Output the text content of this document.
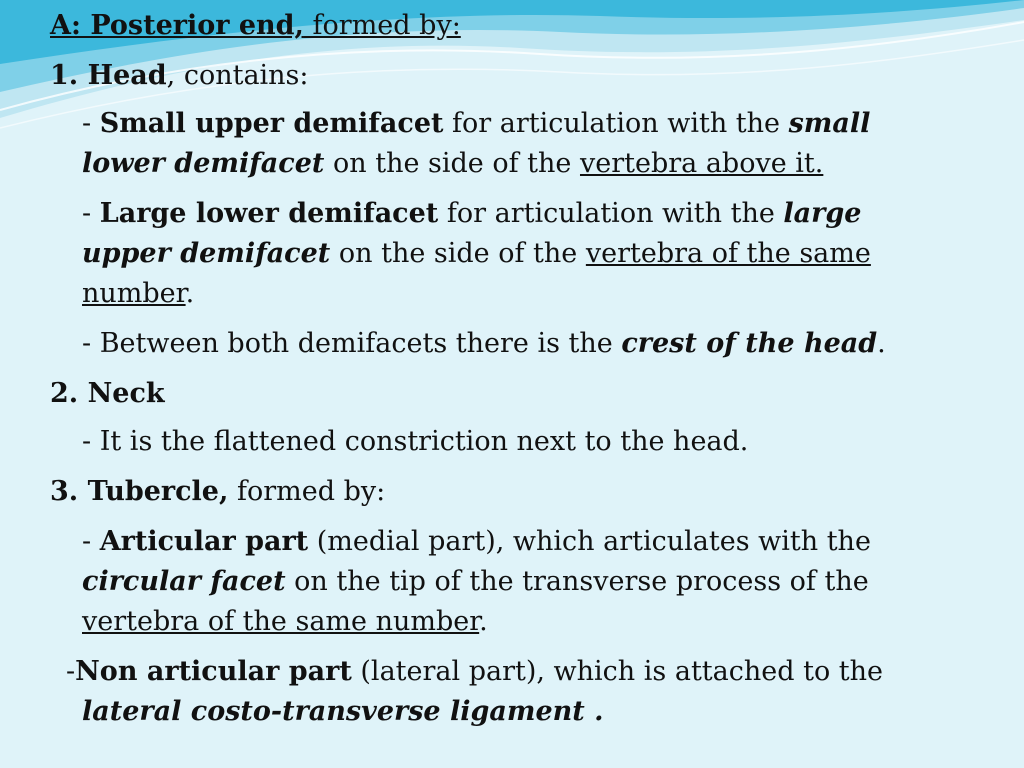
A: Posterior end, formed by:
1. Head, contains:
- Small upper demifacet for articulation with the small
lower demifacet on the side of the vertebra above it.
- Large lower demifacet for articulation with the large
upper demifacet on the side of the vertebra of the same
number.
- Between both demifacets there is the crest of the head.
2. Neck
- It is the flattened constriction next to the head.
3. Tubercle, formed by:
- Articular part (medial part), which articulates with the
circular facet on the tip of the transverse process of the
vertebra of the same number.
-Non articular part (lateral part), which is attached to the
lateral costo-transverse ligament .
